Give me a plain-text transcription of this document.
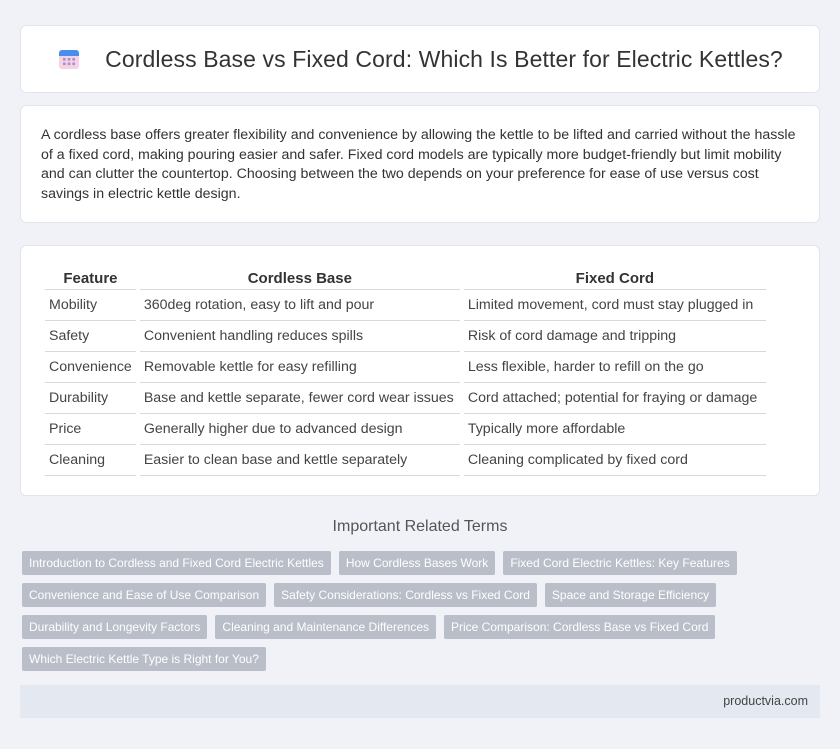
Cordless Base vs Fixed Cord: Which Is Better for Electric Kettles?

A cordless base offers greater flexibility and convenience by allowing the kettle to be lifted and carried without the hassle of a fixed cord, making pouring easier and safer. Fixed cord models are typically more budget-friendly but limit mobility and can clutter the countertop. Choosing between the two depends on your preference for ease of use versus cost savings in electric kettle design.

Feature	Cordless Base	Fixed Cord
Mobility	360deg rotation, easy to lift and pour	Limited movement, cord must stay plugged in
Safety	Convenient handling reduces spills	Risk of cord damage and tripping
Convenience	Removable kettle for easy refilling	Less flexible, harder to refill on the go
Durability	Base and kettle separate, fewer cord wear issues	Cord attached; potential for fraying or damage
Price	Generally higher due to advanced design	Typically more affordable
Cleaning	Easier to clean base and kettle separately	Cleaning complicated by fixed cord
Important Related Terms
Introduction to Cordless and Fixed Cord Electric Kettles	How Cordless Bases Work	Fixed Cord Electric Kettles: Key Features
Convenience and Ease of Use Comparison	Safety Considerations: Cordless vs Fixed Cord	Space and Storage Efficiency
Durability and Longevity Factors	Cleaning and Maintenance Differences	Price Comparison: Cordless Base vs Fixed Cord
Which Electric Kettle Type is Right for You?
productvia.com
